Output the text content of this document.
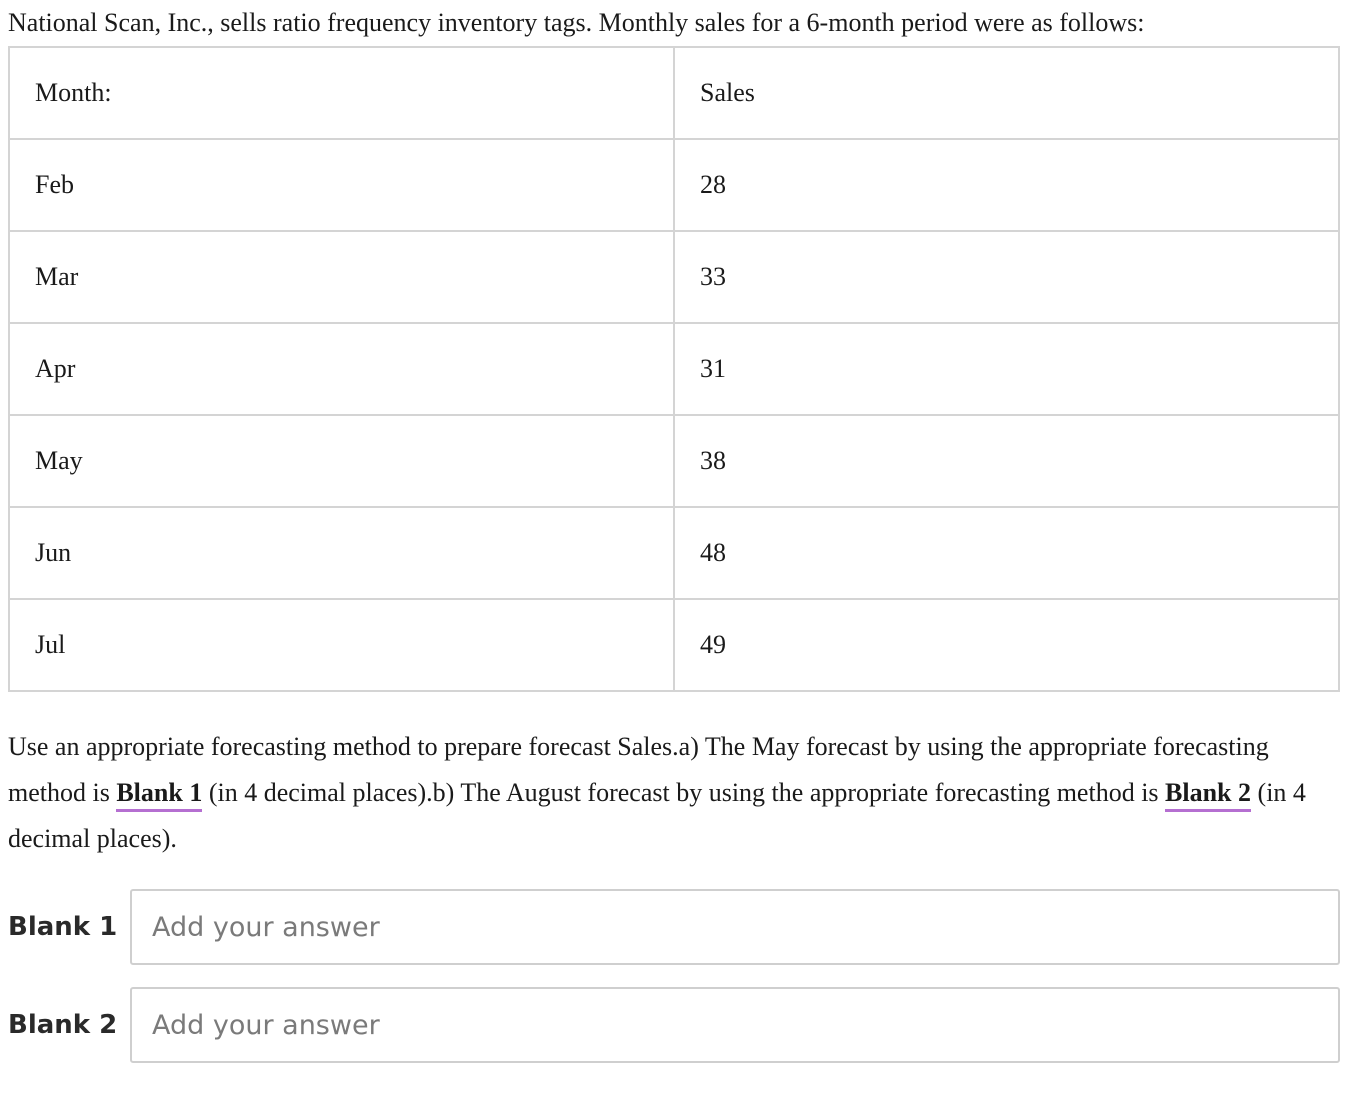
National Scan, Inc., sells ratio frequency inventory tags. Monthly sales for a 6-month period were as follows:
Month:	Sales
Feb	28
Mar	33
Apr	31
May	38
Jun	48
Jul	49
Use an appropriate forecasting method to prepare forecast Sales.a) The May forecast by using the appropriate forecasting method is Blank 1 (in 4 decimal places).b) The August forecast by using the appropriate forecasting method is Blank 2 (in 4 decimal places).
Blank 1
Add your answer
Blank 2
Add your answer
